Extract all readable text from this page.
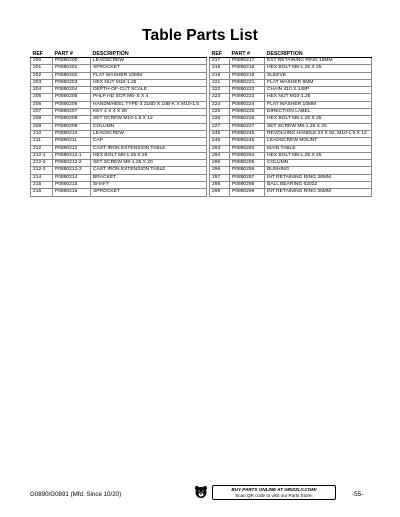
Table Parts List
REF	PART #	DESCRIPTION
200	P0890200	LEADSCREW
201	P0890201	SPROCKET
202	P0890202	FLAT WASHER 10MM
203	P0890203	HEX NUT M10-1.25
204	P0890204	DEPTH-OF-CUT SCALE
205	P0890205	PHLP HD SCR M5-.5 X 4
206	P0890206	HANDWHEEL TYPE-3 216D X 10B-K X M10-1.5
207	P0890207	KEY 4 X 4 X 20
208	P0890208	SET SCREW M10-1.5 X 12
209	P0890209	COLUMN
210	P0890210	LEADSCREW
211	P0890211	CAP
212	P0890212	CAST IRON EXTENSION TABLE
212-1	P0890212-1	HEX BOLT M8-1.25 X 25
212-2	P0890212-2	SET SCREW M8-1.25 X 20
212-3	P0890212-3	CAST IRON EXTENSION TABLE
214	P0890214	BRACKET
215	P0890215	SHAFT
216	P0890216	SPROCKET
REF	PART #	DESCRIPTION
217	P0890217	EXT RETAINING RING 15MM
218	P0890218	HEX BOLT M8-1.25 X 25
219	P0890219	SLEEVE
221	P0890221	FLAT WASHER 8MM
222	P0890222	CHAIN 410 X 148P
223	P0890223	HEX NUT M10-1.25
224	P0890224	FLAT WASHER 10MM
225	P0890225	DIRECTION LABEL
226	P0890226	HEX BOLT M8-1.25 X 25
227	P0890227	SET SCREW M8-1.25 X 20
245	P0890245	REVOLVING HANDLE 24 X 92, M10-1.5 X 12
246	P0890246	LEADSCREW MOUNT
293	P0890293	MAIN TABLE
294	P0890294	HEX BOLT M8-1.25 X 45
295	P0890295	COLUMN
296	P0890296	BUSHING
297	P0890297	INT RETAINING RING 38MM
298	P0890298	BALL BEARING 6202Z
299	P0890299	INT RETAINING RING 35MM
G0890/G0891 (Mfd. Since 10/20)
BUY PARTS ONLINE AT GRIZZLY.COM!
Scan QR code to visit our Parts Store.	-55-
